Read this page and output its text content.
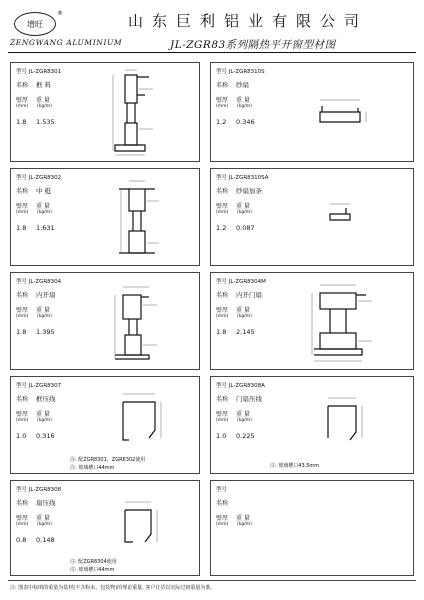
增旺
®
ZENGWANG ALUMINIUM
山东巨利铝业有限公司
JL-ZGR83系列隔热平开窗型材图
型号 JL-ZGR8301
名称 框 料
壁厚 重 量
(mm) (kg/m)
1.8 1.535
型号 JL-ZGR8310S
名称 纱扇
壁厚 重 量
(mm) (kg/m)
1.2 0.346
型号 JL-ZGR8302
名称 中 梃
壁厚 重 量
(mm) (kg/m)
1.8 1.631
型号 JL-ZGR8310SA
名称 纱扇加条
壁厚 重 量
(mm) (kg/m)
1.2 0.087
型号 JL-ZGR8304
名称 内开扇
壁厚 重 量
(mm) (kg/m)
1.8 1.395
型号 JL-ZGR8304M
名称 内开门扇
壁厚 重 量
(mm) (kg/m)
1.8 2.145
型号 JL-ZGR8307
名称 框压线
壁厚 重 量
(mm) (kg/m)
1.0 0.316
注: 配ZGR8301、ZGR8302使用
注: 玻璃槽口44mm
型号 JL-ZGR8308A
名称 门扇压线
壁厚 重 量
(mm) (kg/m)
1.0 0.225
注: 玻璃槽口43.5mm
型号 JL-ZGR8308
名称 扇压线
壁厚 重 量
(mm) (kg/m)
0.8 0.148
注: 配ZGR8304使用
注: 玻璃槽口44mm
型号
名称
壁厚 重 量
(mm) (kg/m)
注: 图表中标明的重量为基材(不含粉末、包装物)的理论重量, 客户订货以实际过磅重量为准。
